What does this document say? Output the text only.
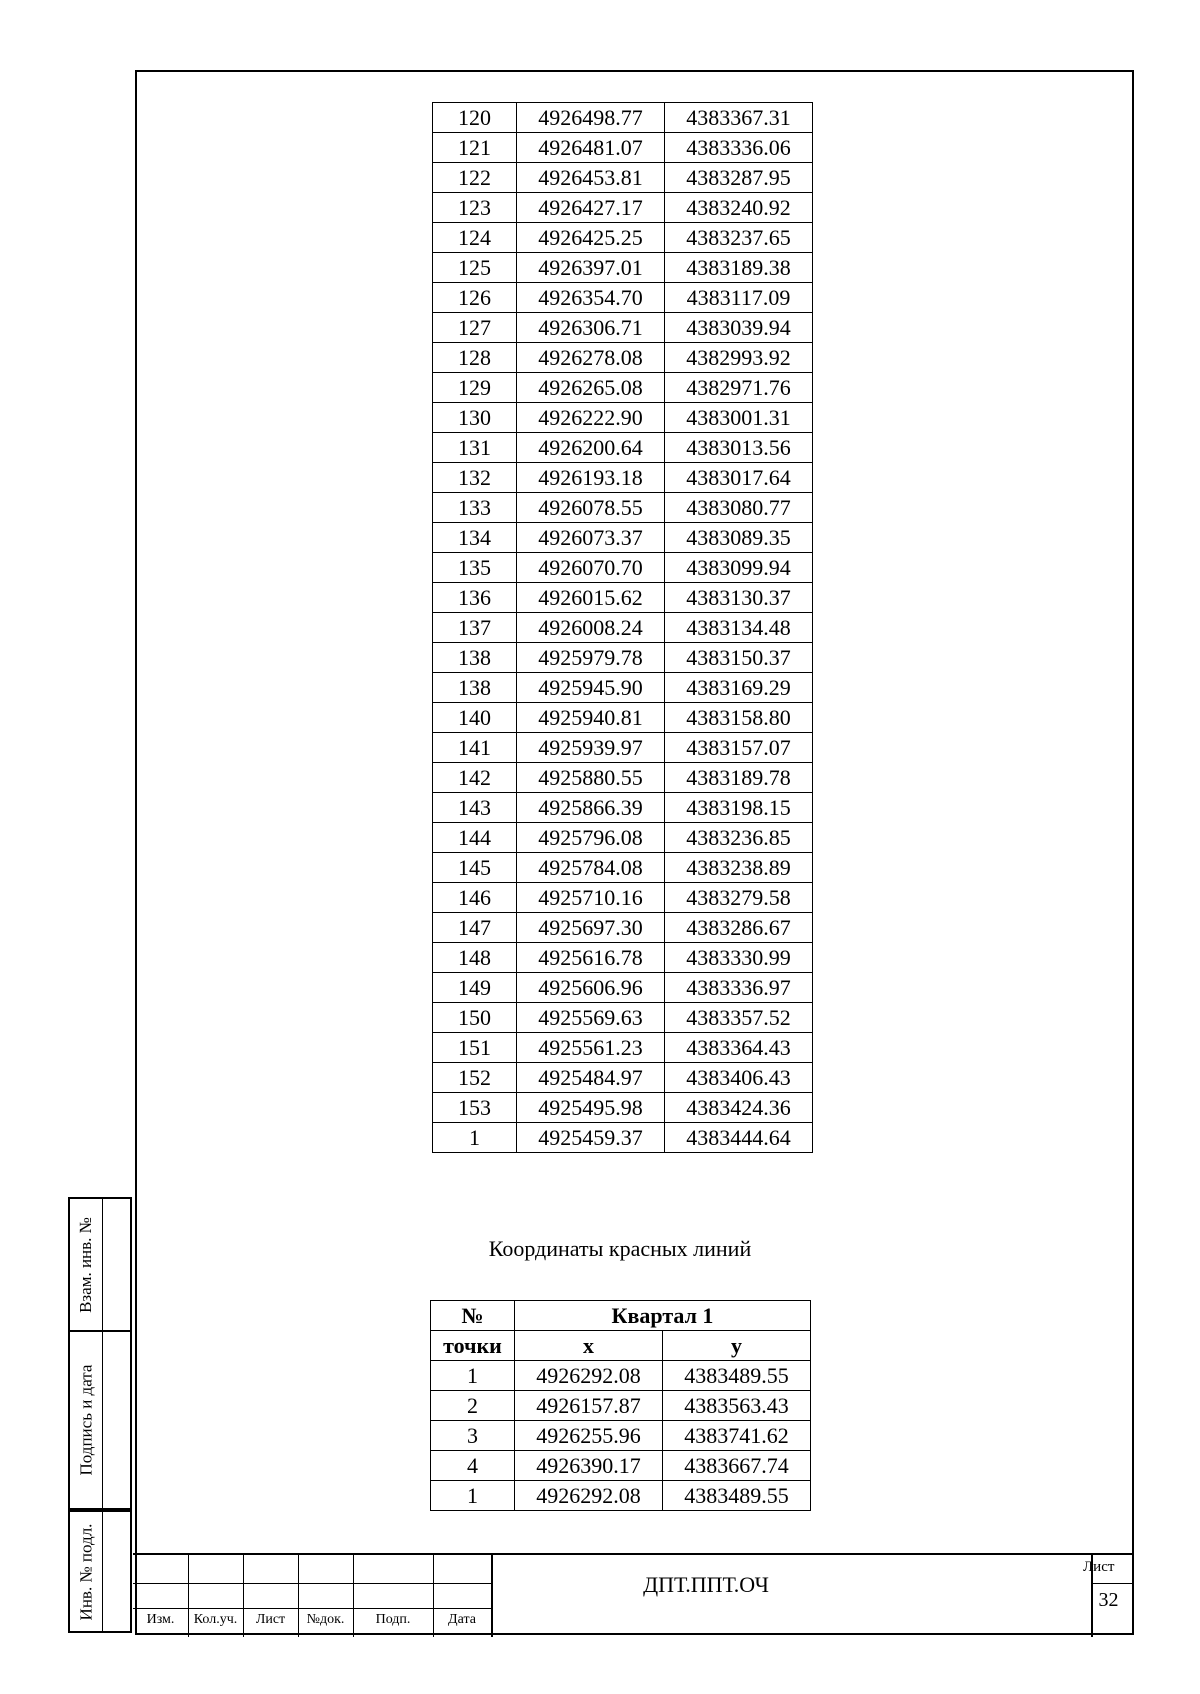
120	4926498.77	4383367.31
121	4926481.07	4383336.06
122	4926453.81	4383287.95
123	4926427.17	4383240.92
124	4926425.25	4383237.65
125	4926397.01	4383189.38
126	4926354.70	4383117.09
127	4926306.71	4383039.94
128	4926278.08	4382993.92
129	4926265.08	4382971.76
130	4926222.90	4383001.31
131	4926200.64	4383013.56
132	4926193.18	4383017.64
133	4926078.55	4383080.77
134	4926073.37	4383089.35
135	4926070.70	4383099.94
136	4926015.62	4383130.37
137	4926008.24	4383134.48
138	4925979.78	4383150.37
138	4925945.90	4383169.29
140	4925940.81	4383158.80
141	4925939.97	4383157.07
142	4925880.55	4383189.78
143	4925866.39	4383198.15
144	4925796.08	4383236.85
145	4925784.08	4383238.89
146	4925710.16	4383279.58
147	4925697.30	4383286.67
148	4925616.78	4383330.99
149	4925606.96	4383336.97
150	4925569.63	4383357.52
151	4925561.23	4383364.43
152	4925484.97	4383406.43
153	4925495.98	4383424.36
1	4925459.37	4383444.64
Координаты красных линий
№	Квартал 1	
точки	x	y
1	4926292.08	4383489.55
2	4926157.87	4383563.43
3	4926255.96	4383741.62
4	4926390.17	4383667.74
1	4926292.08	4383489.55
Взам. инв. №
Подпись и дата
Инв. № подл.	Изм.	Кол.уч.	Лист	№док.	Подп.	Дата
ДПТ.ППТ.ОЧ
Лист
32
